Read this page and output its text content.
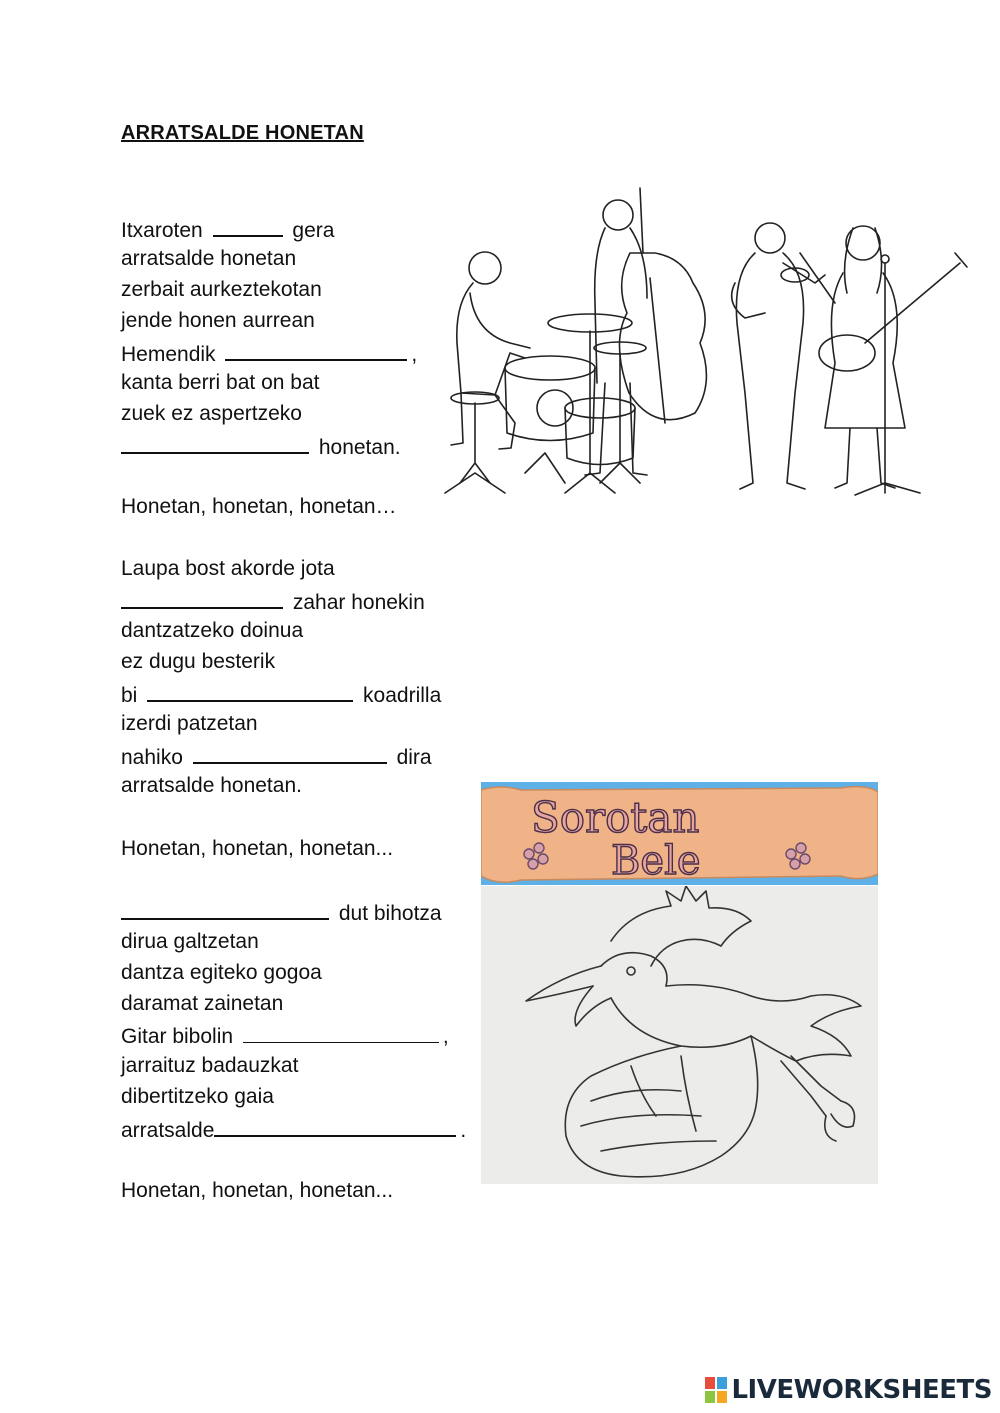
ARRATSALDE HONETAN
Itxaroten	gera
arratsalde honetan
zerbait aurkeztekotan
jende honen aurrean
Hemendik	,
kanta berri bat on bat
zuek ez aspertzeko
honetan.
Honetan, honetan, honetan…
Laupa bost akorde jota
zahar honekin
dantzatzeko doinua
ez dugu besterik
bi	koadrilla
izerdi patzetan
nahiko	dira
arratsalde honetan.
Honetan, honetan, honetan...
dut bihotza
dirua galtzetan
dantza egiteko gogoa
daramat zainetan
Gitar bibolin	,
jarraituz badauzkat
dibertitzeko gaia
arratsalde	.
Honetan, honetan, honetan...
Sorotan
Bele
LIVEWORKSHEETS
